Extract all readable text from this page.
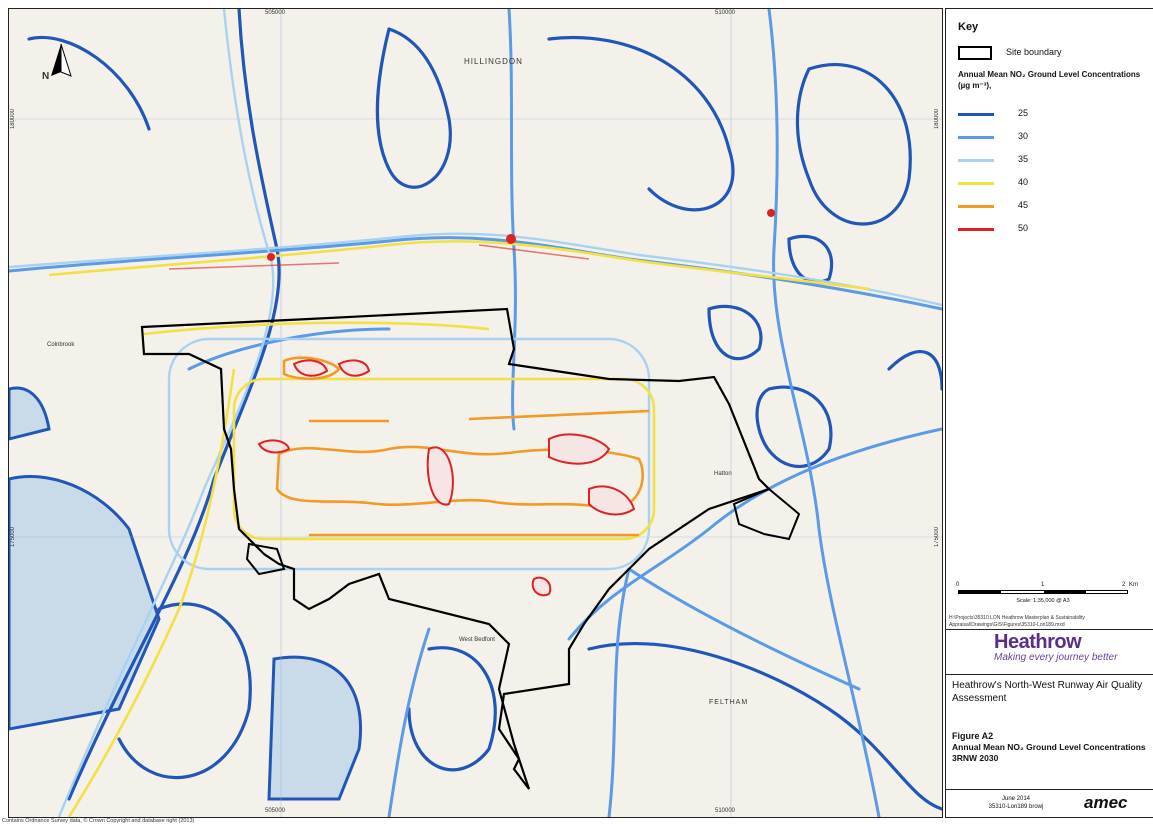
N
505000	510000
505000	510000
180000
175000
180000
175000
HILLINGDON
FELTHAM
West Bedfont
Colnbrook
Hatton
Key
Site boundary
Annual Mean NO₂ Ground Level Concentrations (µg m⁻³),
25
30
35
40
45
50
0	1	2 Km
Scale: 1:35,000 @ A3
H:\Projects\35310 LON Heathrow Masterplan & Sustainability Appraisal\Drawings\GIS\Figures\35310-Lon189.mxd
Heathrow
Making every journey better
Heathrow's North-West Runway Air Quality Assessment
Figure A2
Annual Mean NO₂ Ground Level Concentrations 3RNW 2030
June 2014
35310-Lon189 browj	amec
Contains Ordnance Survey data, © Crown Copyright and database right (2013)
